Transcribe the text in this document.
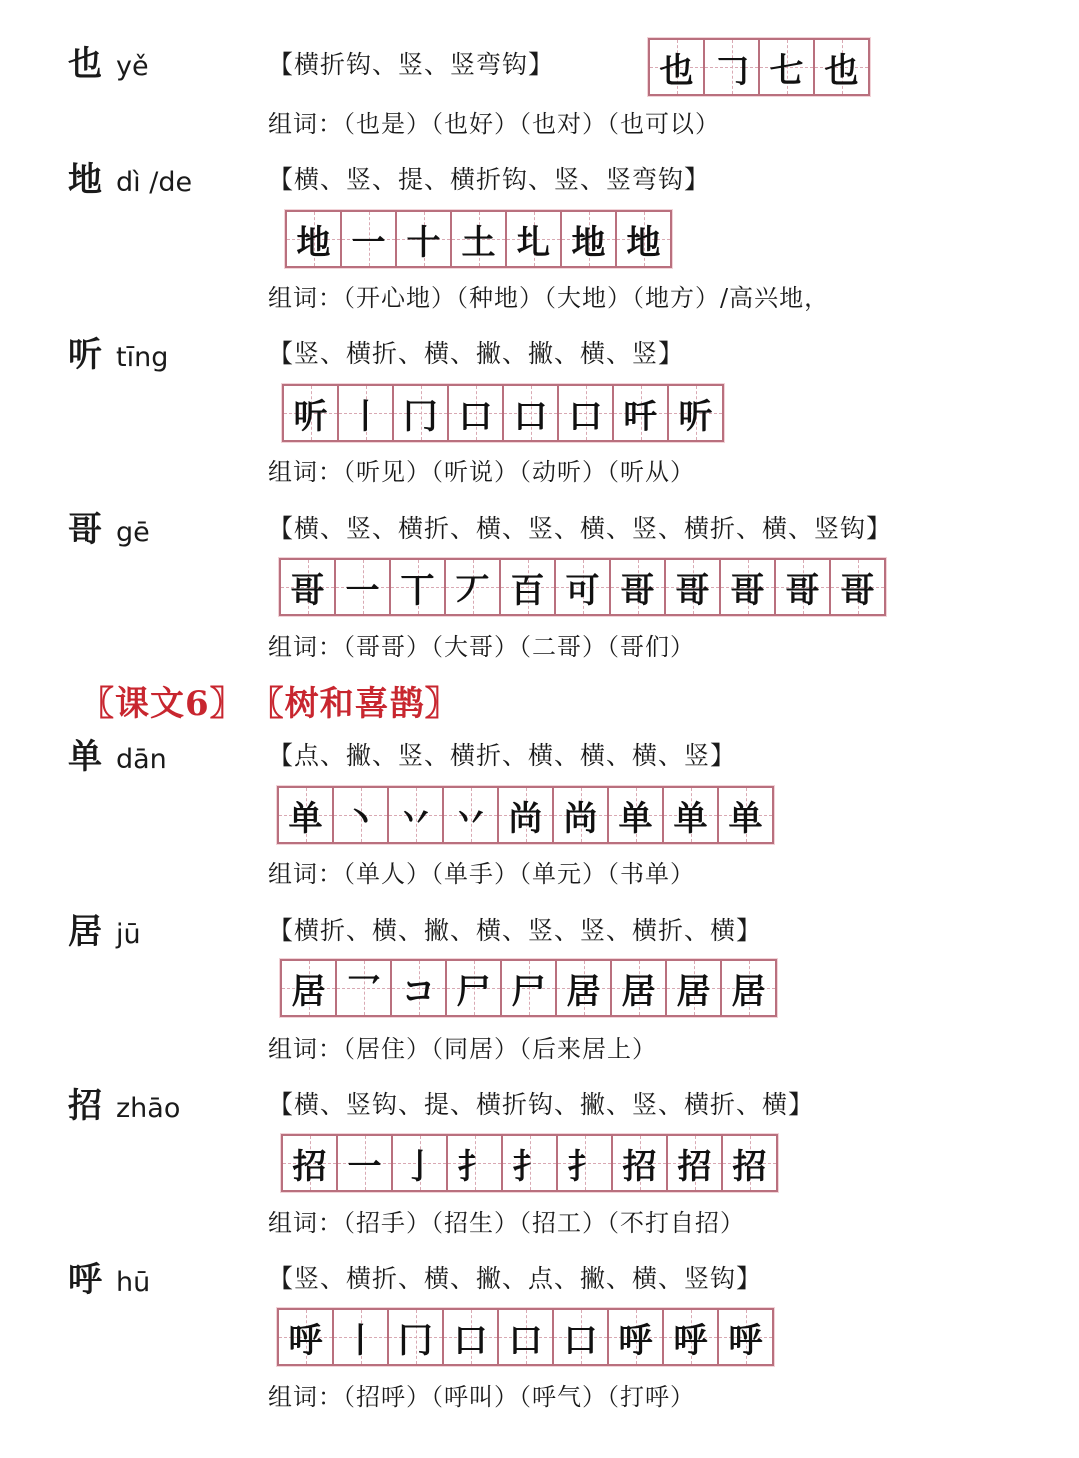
也 yě	【横折钩、竖、竖弯钩】	也 𠃌 七 也
组词：（也是）（也好）（也对）（也可以）
地 dì /de	【横、竖、提、横折钩、竖、竖弯钩】
地 一 十 土 圠 地 地
组词：（开心地）（种地）（大地）（地方）/高兴地，
听 tīng	【竖、横折、横、撇、撇、横、竖】
听 丨 冂 口 口 口 吀 听
组词：（听见）（听说）（动听）（听从）
哥 gē	【横、竖、横折、横、竖、横、竖、横折、横、竖钩】
哥 一 丅 丆 百 可 哥 哥 哥 哥 哥
组词：（哥哥）（大哥）（二哥）（哥们）
〖课文6〗 〖树和喜鹊〗
单 dān	【点、撇、竖、横折、横、横、横、竖】
单 丶 丷 丷 尚 尚 单 单 单
组词：（单人）（单手）（单元）（书单）
居 jū	【横折、横、撇、横、竖、竖、横折、横】
居 乛 コ 尸 尸 居 居 居 居
组词：（居住）（同居）（后来居上）
招 zhāo	【横、竖钩、提、横折钩、撇、竖、横折、横】
招 一 亅 扌 扌 扌 招 招 招
组词：（招手）（招生）（招工）（不打自招）
呼 hū	【竖、横折、横、撇、点、撇、横、竖钩】
呼 丨 冂 口 口 口 呼 呼 呼
组词：（招呼）（呼叫）（呼气）（打呼）
